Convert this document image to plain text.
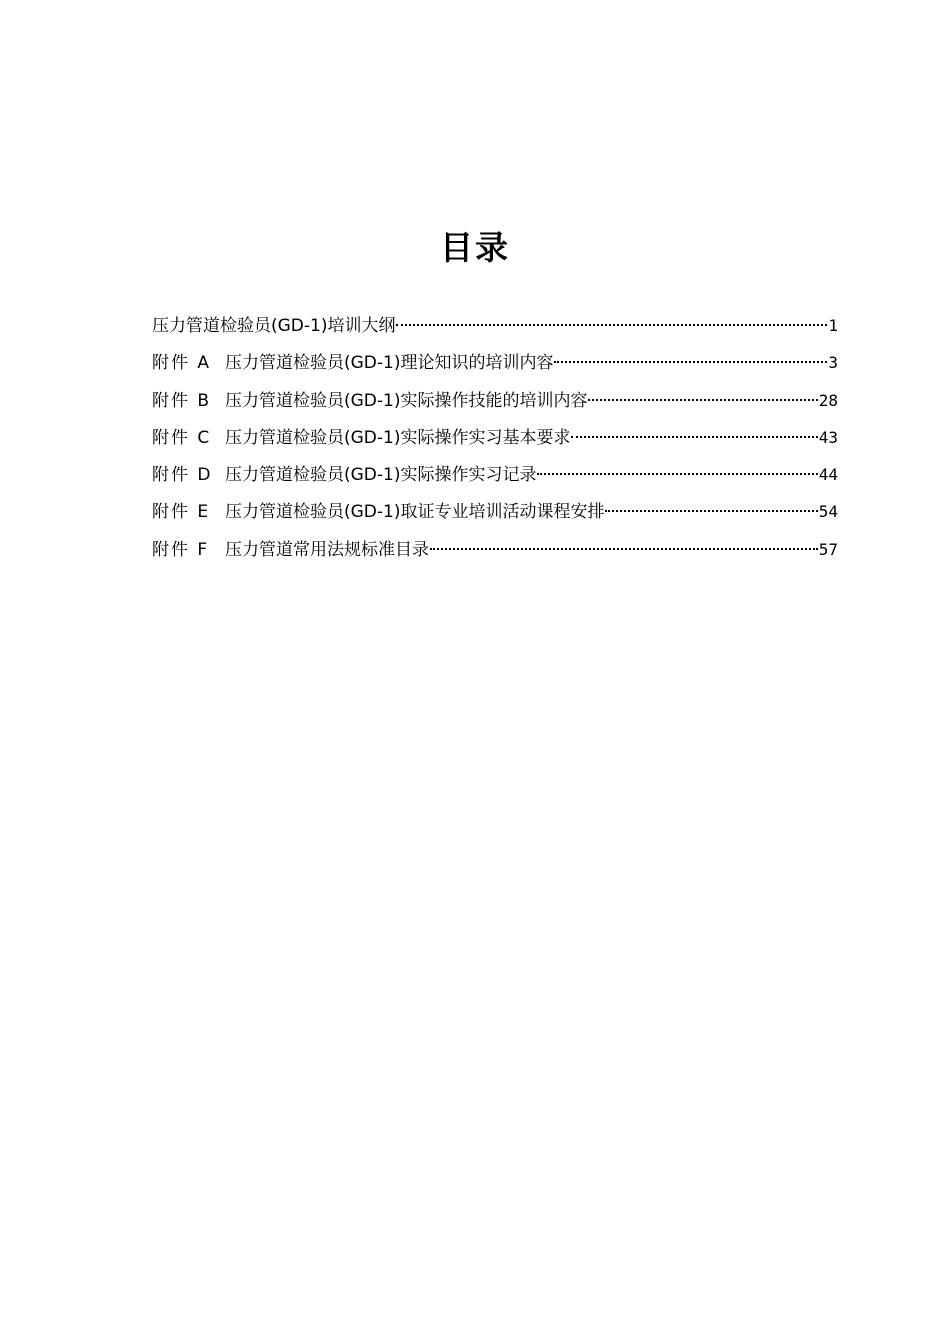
目录
压力管道检验员(GD-1)培训大纲	1
附件 A 压力管道检验员(GD-1)理论知识的培训内容	3
附件 B 压力管道检验员(GD-1)实际操作技能的培训内容	28
附件 C 压力管道检验员(GD-1)实际操作实习基本要求	43
附件 D 压力管道检验员(GD-1)实际操作实习记录	44
附件 E 压力管道检验员(GD-1)取证专业培训活动课程安排	54
附件 F 压力管道常用法规标准目录	57
